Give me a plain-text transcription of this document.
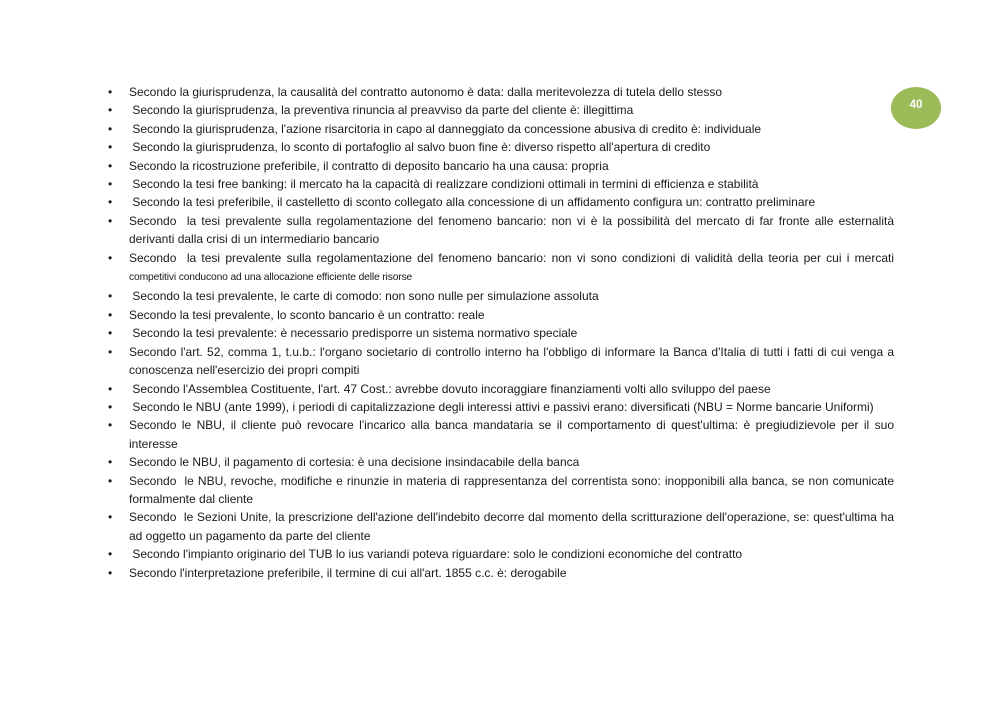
40
• Secondo la giurisprudenza, la causalità del contratto autonomo è data: dalla meritevolezza di tutela dello stesso
• Secondo la giurisprudenza, la preventiva rinuncia al preavviso da parte del cliente è: illegittima
• Secondo la giurisprudenza, l'azione risarcitoria in capo al danneggiato da concessione abusiva di credito è: individuale
• Secondo la giurisprudenza, lo sconto di portafoglio al salvo buon fine è: diverso rispetto all'apertura di credito
• Secondo la ricostruzione preferibile, il contratto di deposito bancario ha una causa: propria
• Secondo la tesi free banking: il mercato ha la capacità di realizzare condizioni ottimali in termini di efficienza e stabilità
• Secondo la tesi preferibile, il castelletto di sconto collegato alla concessione di un affidamento configura un: contratto preliminare
• Secondo  la tesi prevalente sulla regolamentazione del fenomeno bancario: non vi è la possibilità del mercato di far fronte alle esternalità derivanti dalla crisi di un intermediario bancario
• Secondo  la tesi prevalente sulla regolamentazione del fenomeno bancario: non vi sono condizioni di validità della teoria per cui i mercati competitivi conducono ad una allocazione efficiente delle risorse
• Secondo la tesi prevalente, le carte di comodo: non sono nulle per simulazione assoluta
• Secondo la tesi prevalente, lo sconto bancario è un contratto: reale
• Secondo la tesi prevalente: è necessario predisporre un sistema normativo speciale
• Secondo l'art. 52, comma 1, t.u.b.: l'organo societario di controllo interno ha l'obbligo di informare la Banca d'Italia di tutti i fatti di cui venga a conoscenza nell'esercizio dei propri compiti
• Secondo l'Assemblea Costituente, l'art. 47 Cost.: avrebbe dovuto incoraggiare finanziamenti volti allo sviluppo del paese
• Secondo le NBU (ante 1999), i periodi di capitalizzazione degli interessi attivi e passivi erano: diversificati (NBU = Norme bancarie Uniformi)
• Secondo le NBU, il cliente può revocare l'incarico alla banca mandataria se il comportamento di quest'ultima: è pregiudizievole per il suo interesse
• Secondo le NBU, il pagamento di cortesia: è una decisione insindacabile della banca
• Secondo  le NBU, revoche, modifiche e rinunzie in materia di rappresentanza del correntista sono: inopponibili alla banca, se non comunicate formalmente dal cliente
• Secondo  le Sezioni Unite, la prescrizione dell'azione dell'indebito decorre dal momento della scritturazione dell'operazione, se: quest'ultima ha ad oggetto un pagamento da parte del cliente
• Secondo l'impianto originario del TUB lo ius variandi poteva riguardare: solo le condizioni economiche del contratto
• Secondo l'interpretazione preferibile, il termine di cui all'art. 1855 c.c. è: derogabile
